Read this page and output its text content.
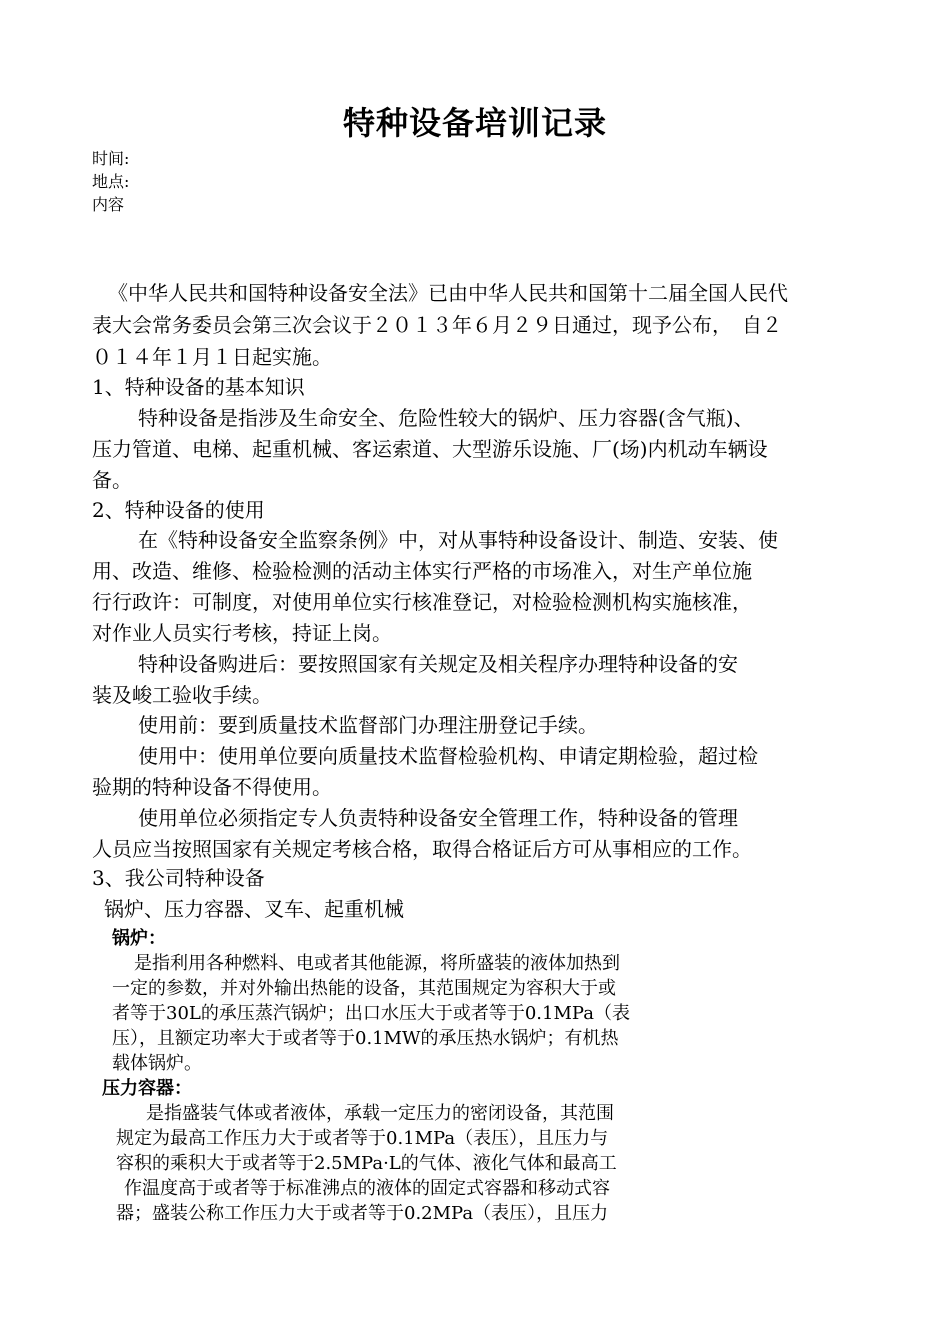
特种设备培训记录
时间:
地点:
内容
《中华人民共和国特种设备安全法》已由中华人民共和国第十二届全国人民代
表大会常务委员会第三次会议于２０１３年６月２９日通过，现予公布，　自２
０１４年１月１日起实施。
1、特种设备的基本知识
特种设备是指涉及生命安全、危险性较大的锅炉、压力容器(含气瓶)、
压力管道、电梯、起重机械、客运索道、大型游乐设施、厂(场)内机动车辆设
备。
2、特种设备的使用
在《特种设备安全监察条例》中，对从事特种设备设计、制造、安装、使
用、改造、维修、检验检测的活动主体实行严格的市场准入，对生产单位施
行行政许：可制度，对使用单位实行核准登记，对检验检测机构实施核准，
对作业人员实行考核，持证上岗。
特种设备购进后：要按照国家有关规定及相关程序办理特种设备的安
装及峻工验收手续。
使用前：要到质量技术监督部门办理注册登记手续。
使用中：使用单位要向质量技术监督检验机构、申请定期检验，超过检
验期的特种设备不得使用。
使用单位必须指定专人负责特种设备安全管理工作，特种设备的管理
人员应当按照国家有关规定考核合格，取得合格证后方可从事相应的工作。
3、我公司特种设备
锅炉、压力容器、叉车、起重机械
锅炉：
是指利用各种燃料、电或者其他能源，将所盛装的液体加热到
一定的参数，并对外输出热能的设备，其范围规定为容积大于或
者等于30L的承压蒸汽锅炉；出口水压大于或者等于0.1MPa（表
压），且额定功率大于或者等于0.1MW的承压热水锅炉；有机热
载体锅炉。
压力容器：
是指盛装气体或者液体，承载一定压力的密闭设备，其范围
规定为最高工作压力大于或者等于0.1MPa（表压），且压力与
容积的乘积大于或者等于2.5MPa·L的气体、液化气体和最高工
作温度高于或者等于标准沸点的液体的固定式容器和移动式容
器；盛装公称工作压力大于或者等于0.2MPa（表压），且压力
